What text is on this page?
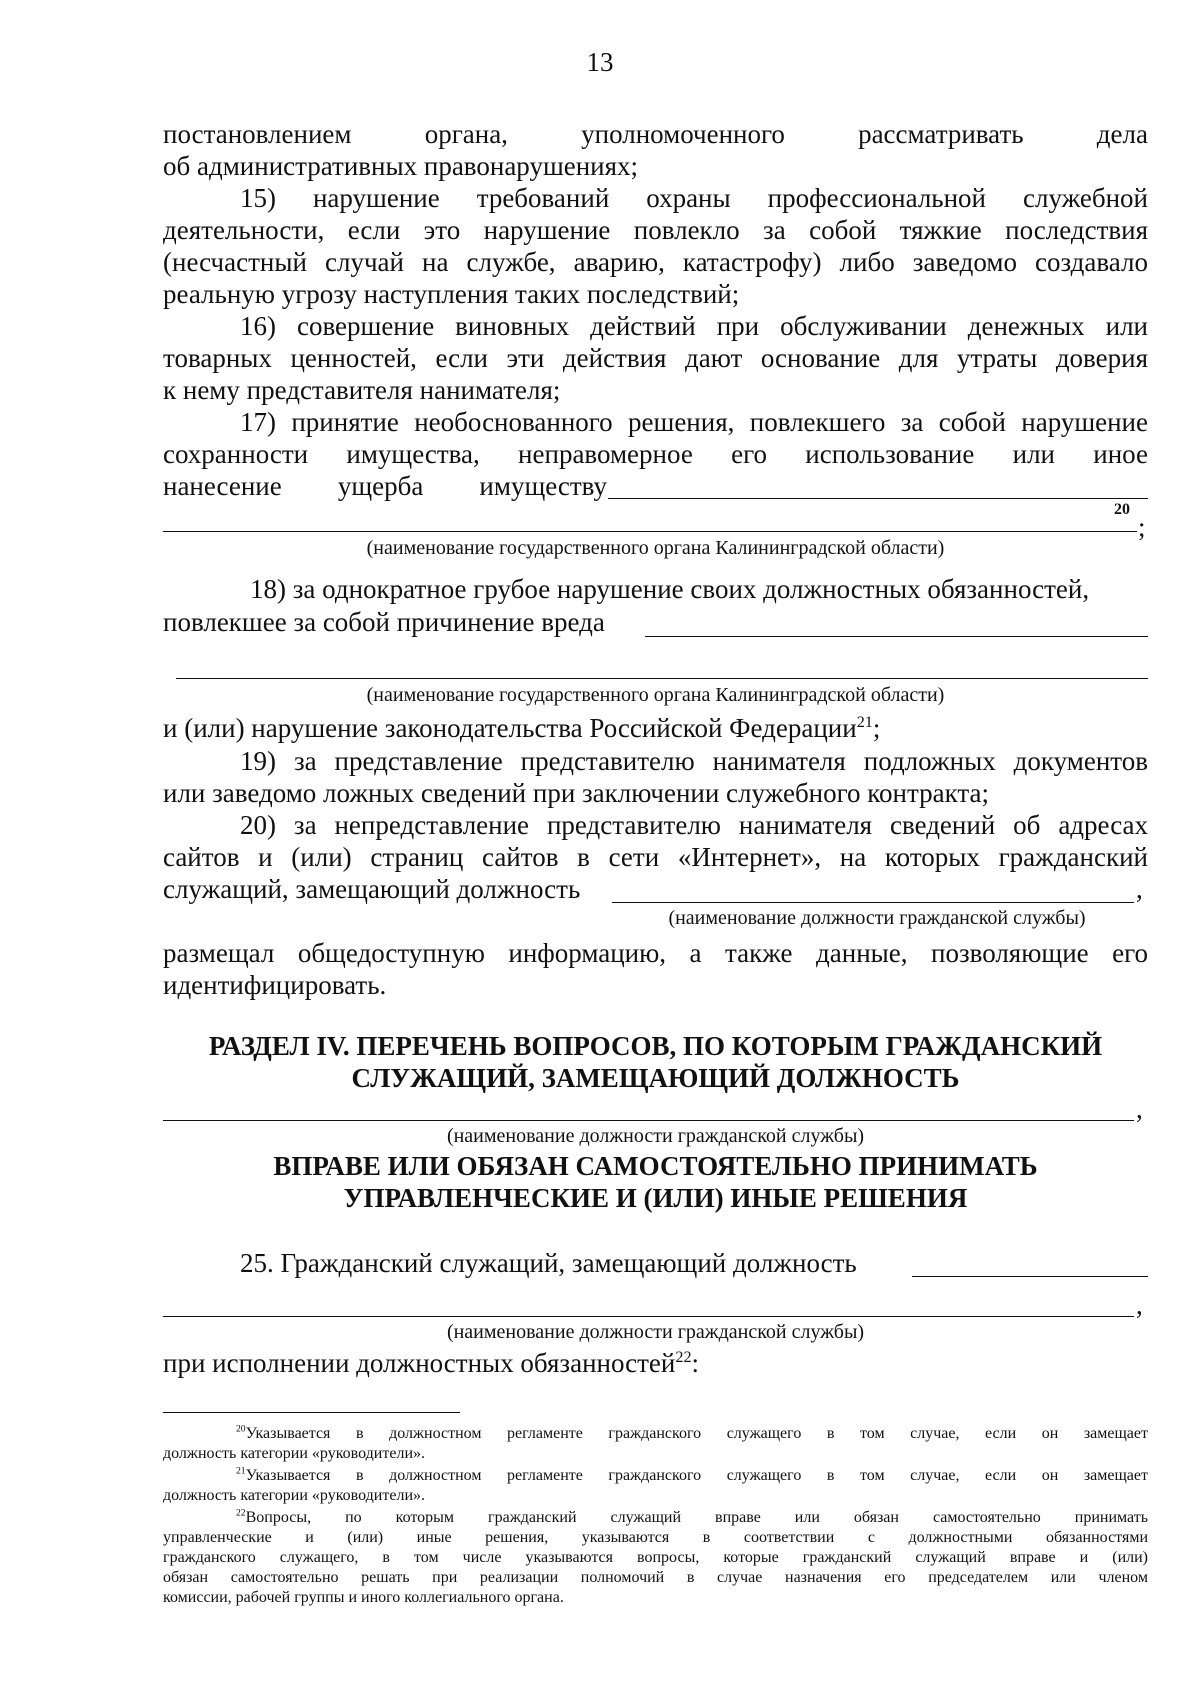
13
постановлением	органа,	уполномоченного	рассматривать	дела
об административных правонарушениях;
15) нарушение требований охраны профессиональной служебной
деятельности, если это нарушение повлекло за собой тяжкие последствия
(несчастный случай на службе, аварию, катастрофу) либо заведомо создавало
реальную угрозу наступления таких последствий;
16) совершение виновных действий при обслуживании денежных или
товарных ценностей, если эти действия дают основание для утраты доверия
к нему представителя нанимателя;
17) принятие необоснованного решения, повлекшего за собой нарушение
сохранности имущества, неправомерное его использование или иное
нанесение ущерба имуществу
20
;
(наименование государственного органа Калининградской области)
18) за однократное грубое нарушение своих должностных обязанностей,
повлекшее за собой причинение вреда
(наименование государственного органа Калининградской области)
и (или) нарушение законодательства Российской Федерации$^{21}$;
19) за представление представителю нанимателя подложных документов
или заведомо ложных сведений при заключении служебного контракта;
20) за непредставление представителю нанимателя сведений об адресах
сайтов и (или) страниц сайтов в сети «Интернет», на которых гражданский
служащий, замещающий должность	,
(наименование должности гражданской службы)
размещал общедоступную информацию, а также данные, позволяющие его
идентифицировать.
РАЗДЕЛ IV. ПЕРЕЧЕНЬ ВОПРОСОВ, ПО КОТОРЫМ ГРАЖДАНСКИЙ
СЛУЖАЩИЙ, ЗАМЕЩАЮЩИЙ ДОЛЖНОСТЬ
,
(наименование должности гражданской службы)
ВПРАВЕ ИЛИ ОБЯЗАН САМОСТОЯТЕЛЬНО ПРИНИМАТЬ
УПРАВЛЕНЧЕСКИЕ И (ИЛИ) ИНЫЕ РЕШЕНИЯ
25. Гражданский служащий, замещающий должность
,
(наименование должности гражданской службы)
при исполнении должностных обязанностей$^{22}$:
$^{20}$Указывается в должностном регламенте гражданского служащего в том случае, если он замещает
должность категории «руководители».
$^{21}$Указывается в должностном регламенте гражданского служащего в том случае, если он замещает
должность категории «руководители».
$^{22}$Вопросы, по которым гражданский служащий вправе или обязан самостоятельно принимать
управленческие и (или) иные решения, указываются в соответствии с должностными обязанностями
гражданского служащего, в том числе указываются вопросы, которые гражданский служащий вправе и (или)
обязан самостоятельно решать при реализации полномочий в случае назначения его председателем или членом
комиссии, рабочей группы и иного коллегиального органа.
